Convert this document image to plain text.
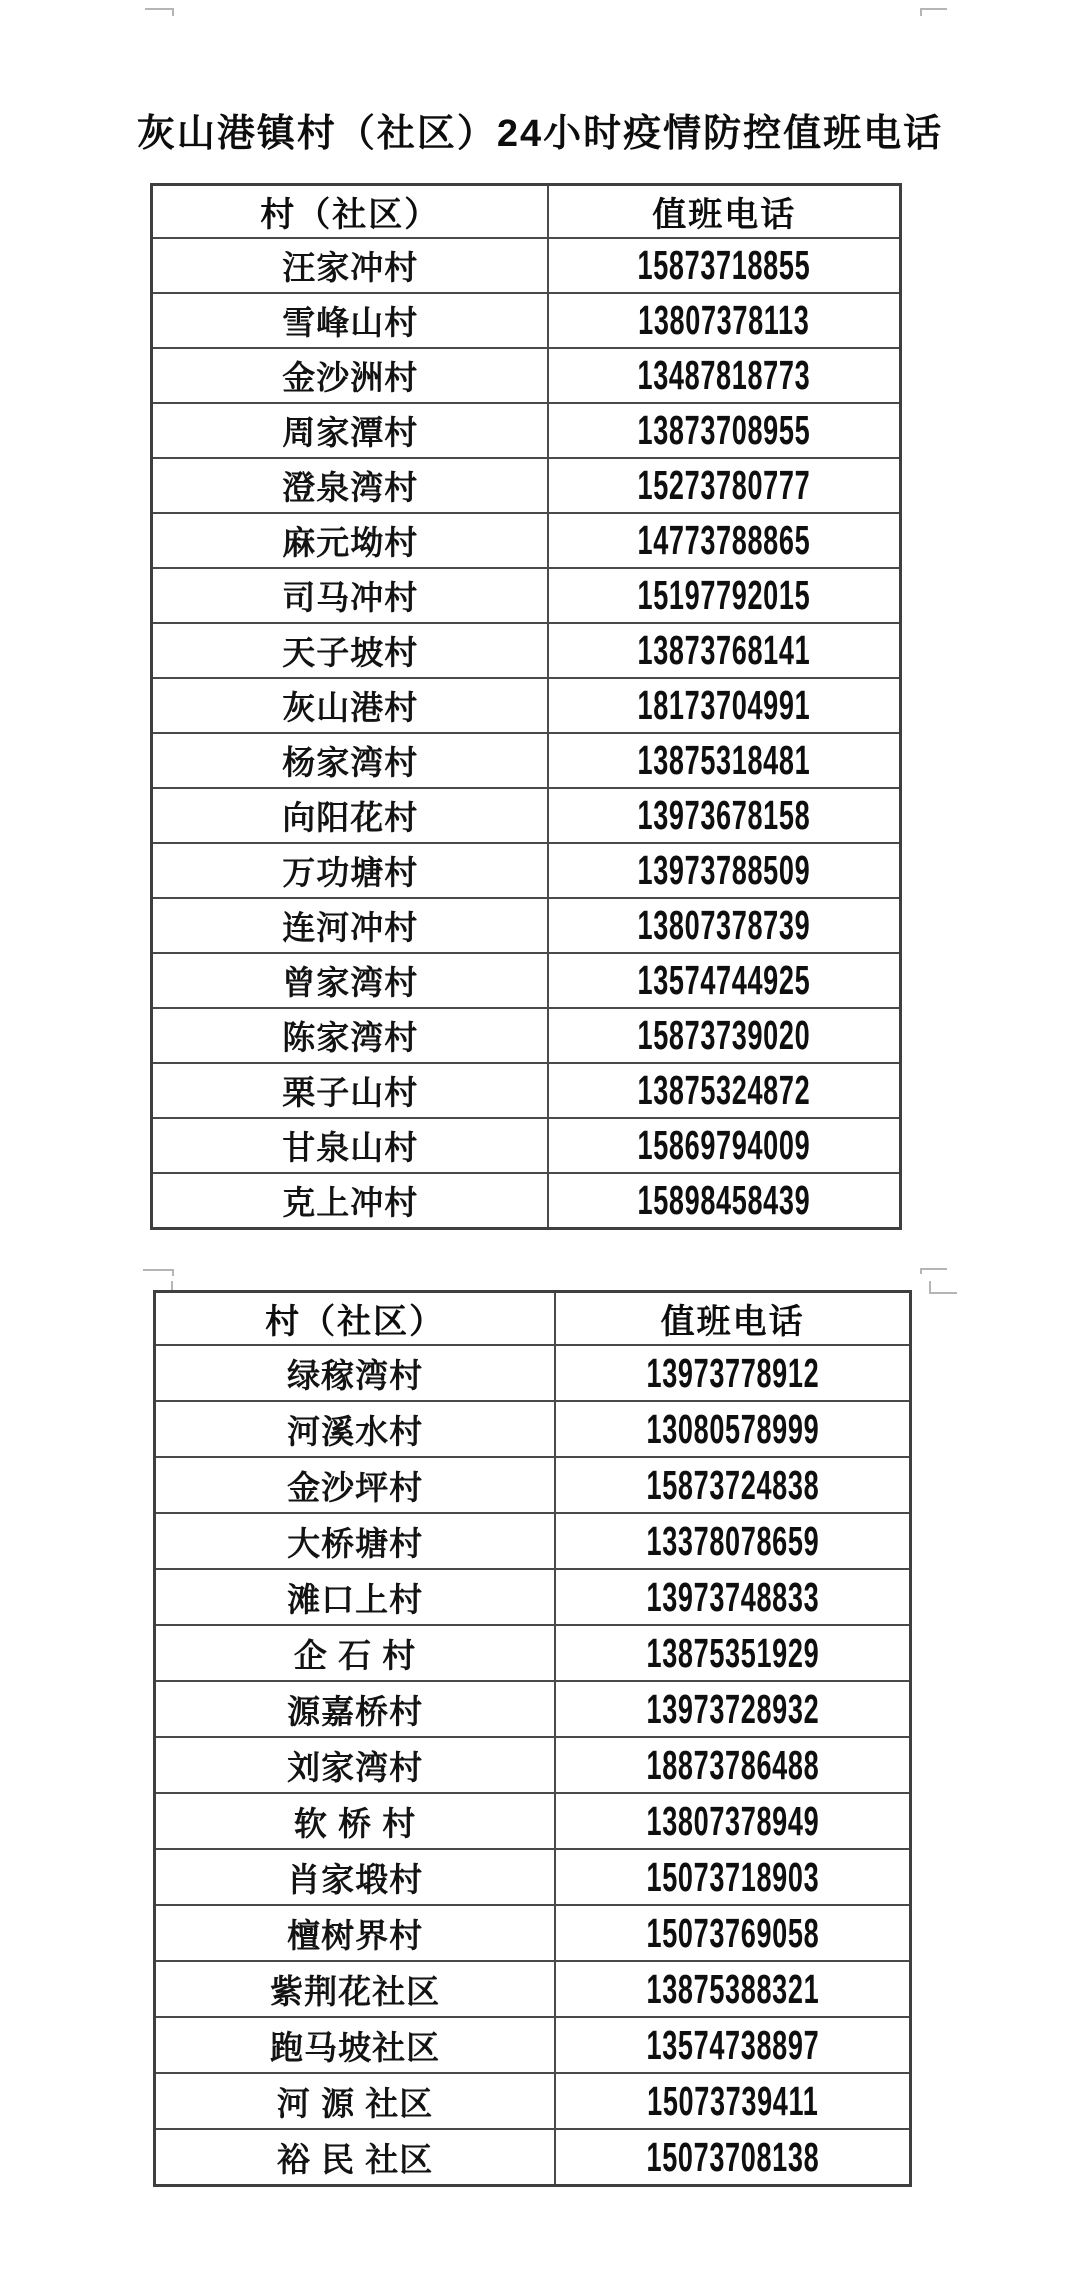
灰山港镇村（社区）24小时疫情防控值班电话
村（社区）	值班电话
汪家冲村	15873718855
雪峰山村	13807378113
金沙洲村	13487818773
周家潭村	13873708955
澄泉湾村	15273780777
麻元坳村	14773788865
司马冲村	15197792015
天子坡村	13873768141
灰山港村	18173704991
杨家湾村	13875318481
向阳花村	13973678158
万功塘村	13973788509
连河冲村	13807378739
曾家湾村	13574744925
陈家湾村	15873739020
栗子山村	13875324872
甘泉山村	15869794009
克上冲村	15898458439
村（社区）	值班电话
绿稼湾村	13973778912
河溪水村	13080578999
金沙坪村	15873724838
大桥塘村	13378078659
滩口上村	13973748833
企 石 村	13875351929
源嘉桥村	13973728932
刘家湾村	18873786488
软 桥 村	13807378949
肖家塅村	15073718903
檀树界村	15073769058
紫荆花社区	13875388321
跑马坡社区	13574738897
河 源 社区	15073739411
裕 民 社区	15073708138
